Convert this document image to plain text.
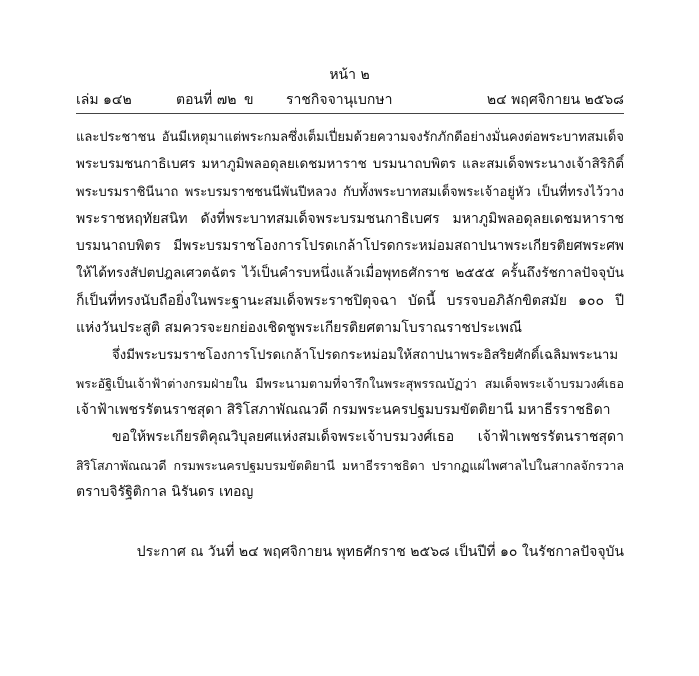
หน้า ๒
เล่ม ๑๔๒	ตอนที่ ๗๒ ข ราชกิจจานุเบกษา	๒๔ พฤศจิกายน ๒๕๖๘
และประชาชน อันมีเหตุมาแต่พระกมลซึ่งเต็มเปี่ยมด้วยความจงรักภักดีอย่างมั่นคงต่อพระบาทสมเด็จ
พระบรมชนกาธิเบศร มหาภูมิพลอดุลยเดชมหาราช บรมนาถบพิตร และสมเด็จพระนางเจ้าสิริกิติ์
พระบรมราชินีนาถ พระบรมราชชนนีพันปีหลวง กับทั้งพระบาทสมเด็จพระเจ้าอยู่หัว เป็นที่ทรงไว้วาง
พระราชหฤทัยสนิท ดังที่พระบาทสมเด็จพระบรมชนกาธิเบศร มหาภูมิพลอดุลยเดชมหาราช
บรมนาถบพิตร มีพระบรมราชโองการโปรดเกล้าโปรดกระหม่อมสถาปนาพระเกียรติยศพระศพ
ให้ได้ทรงสัปตปฎลเศวตฉัตร ไว้เป็นคำรบหนึ่งแล้วเมื่อพุทธศักราช ๒๕๕๕ ครั้นถึงรัชกาลปัจจุบัน
ก็เป็นที่ทรงนับถือยิ่งในพระฐานะสมเด็จพระราชปิตุจฉา บัดนี้ บรรจบอภิลักขิตสมัย ๑๐๐ ปี
แห่งวันประสูติ สมควรจะยกย่องเชิดชูพระเกียรติยศตามโบราณราชประเพณี
จึ่งมีพระบรมราชโองการโปรดเกล้าโปรดกระหม่อมให้สถาปนาพระอิสริยศักดิ์เฉลิมพระนาม
พระอัฐิเป็นเจ้าฟ้าต่างกรมฝ่ายใน มีพระนามตามที่จารึกในพระสุพรรณบัฏว่า สมเด็จพระเจ้าบรมวงศ์เธอ
เจ้าฟ้าเพชรรัตนราชสุดา สิริโสภาพัณณวดี กรมพระนครปฐมบรมขัตติยานี มหาธีรราชธิดา
ขอให้พระเกียรติคุณวิบุลยศแห่งสมเด็จพระเจ้าบรมวงศ์เธอ เจ้าฟ้าเพชรรัตนราชสุดา
สิริโสภาพัณณวดี กรมพระนครปฐมบรมขัตติยานี มหาธีรราชธิดา ปรากฏแผ่ไพศาลไปในสากลจักรวาล
ตราบจิรัฐิติกาล นิรันดร เทอญ
ประกาศ ณ วันที่ ๒๔ พฤศจิกายน พุทธศักราช ๒๕๖๘ เป็นปีที่ ๑๐ ในรัชกาลปัจจุบัน
